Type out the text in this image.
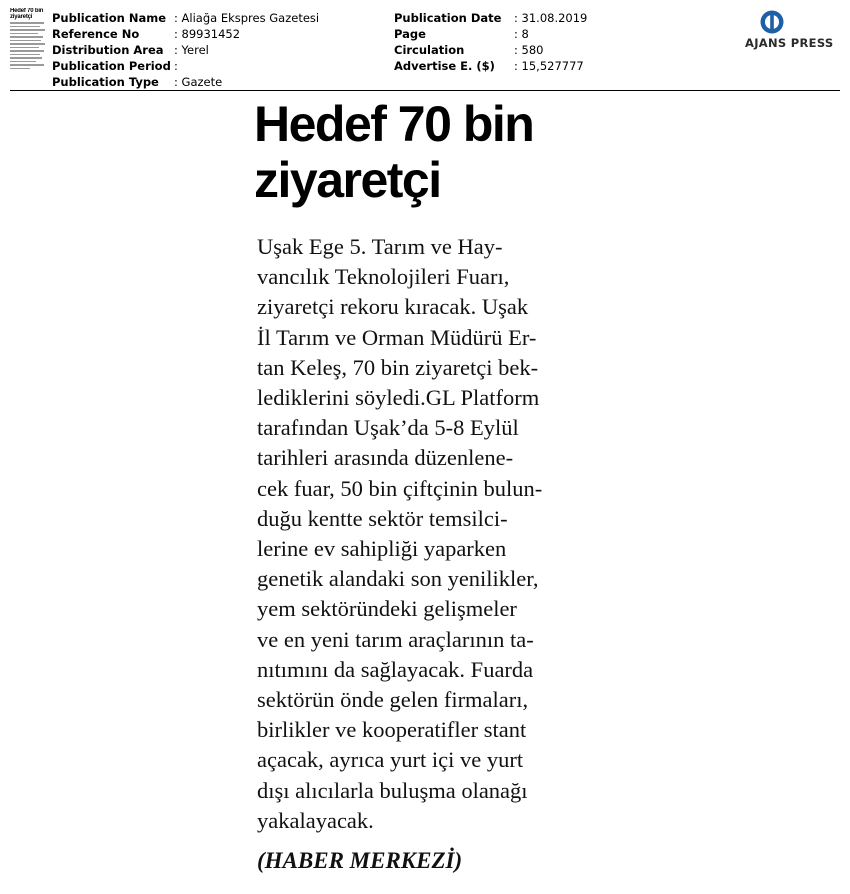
Hedef 70 bin ziyaretçi	Publication Name : Aliağa Ekspres Gazetesi
Reference No	: 89931452
Distribution Area : Yerel
Publication Period :
Publication Type	: Gazete
Publication Date	: 31.08.2019
Page	: 8
Circulation	: 580
Advertise E. ($)	: 15,527777
AJANS PRESS
Hedef 70 bin
ziyaretçi
Uşak Ege 5. Tarım ve Hay-
vancılık Teknolojileri Fuarı,
ziyaretçi rekoru kıracak. Uşak
İl Tarım ve Orman Müdürü Er-
tan Keleş, 70 bin ziyaretçi bek-
lediklerini söyledi.GL Platform
tarafından Uşak’da 5-8 Eylül
tarihleri arasında düzenlene-
cek fuar, 50 bin çiftçinin bulun-
duğu kentte sektör temsilci-
lerine ev sahipliği yaparken
genetik alandaki son yenilikler,
yem sektöründeki gelişmeler
ve en yeni tarım araçlarının ta-
nıtımını da sağlayacak. Fuarda
sektörün önde gelen firmaları,
birlikler ve kooperatifler stant
açacak, ayrıca yurt içi ve yurt
dışı alıcılarla buluşma olanağı
yakalayacak.
(HABER MERKEZİ)
